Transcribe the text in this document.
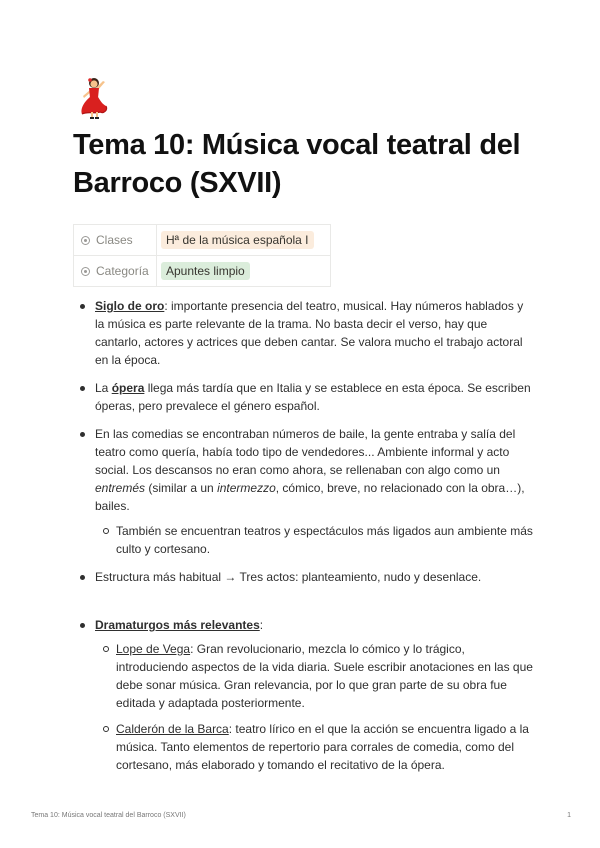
Tema 10: Música vocal teatral del Barroco (SXVII)
Clases	Hª de la música española I
Categoría	Apuntes limpio
Siglo de oro: importante presencia del teatro, musical. Hay números hablados y la música es parte relevante de la trama. No basta decir el verso, hay que cantarlo, actores y actrices que deben cantar. Se valora mucho el trabajo actoral en la época.
La ópera llega más tardía que en Italia y se establece en esta época. Se escriben óperas, pero prevalece el género español.
En las comedias se encontraban números de baile, la gente entraba y salía del teatro como quería, había todo tipo de vendedores... Ambiente informal y acto social. Los descansos no eran como ahora, se rellenaban con algo como un entremés (similar a un intermezzo, cómico, breve, no relacionado con la obra…), bailes.
También se encuentran teatros y espectáculos más ligados aun ambiente más culto y cortesano.
Estructura más habitual → Tres actos: planteamiento, nudo y desenlace.
Dramaturgos más relevantes:
Lope de Vega: Gran revolucionario, mezcla lo cómico y lo trágico, introduciendo aspectos de la vida diaria. Suele escribir anotaciones en las que debe sonar música. Gran relevancia, por lo que gran parte de su obra fue editada y adaptada posteriormente.
Calderón de la Barca: teatro lírico en el que la acción se encuentra ligado a la música. Tanto elementos de repertorio para corrales de comedia, como del cortesano, más elaborado y tomando el recitativo de la ópera.
Tema 10: Música vocal teatral del Barroco (SXVII)	1
